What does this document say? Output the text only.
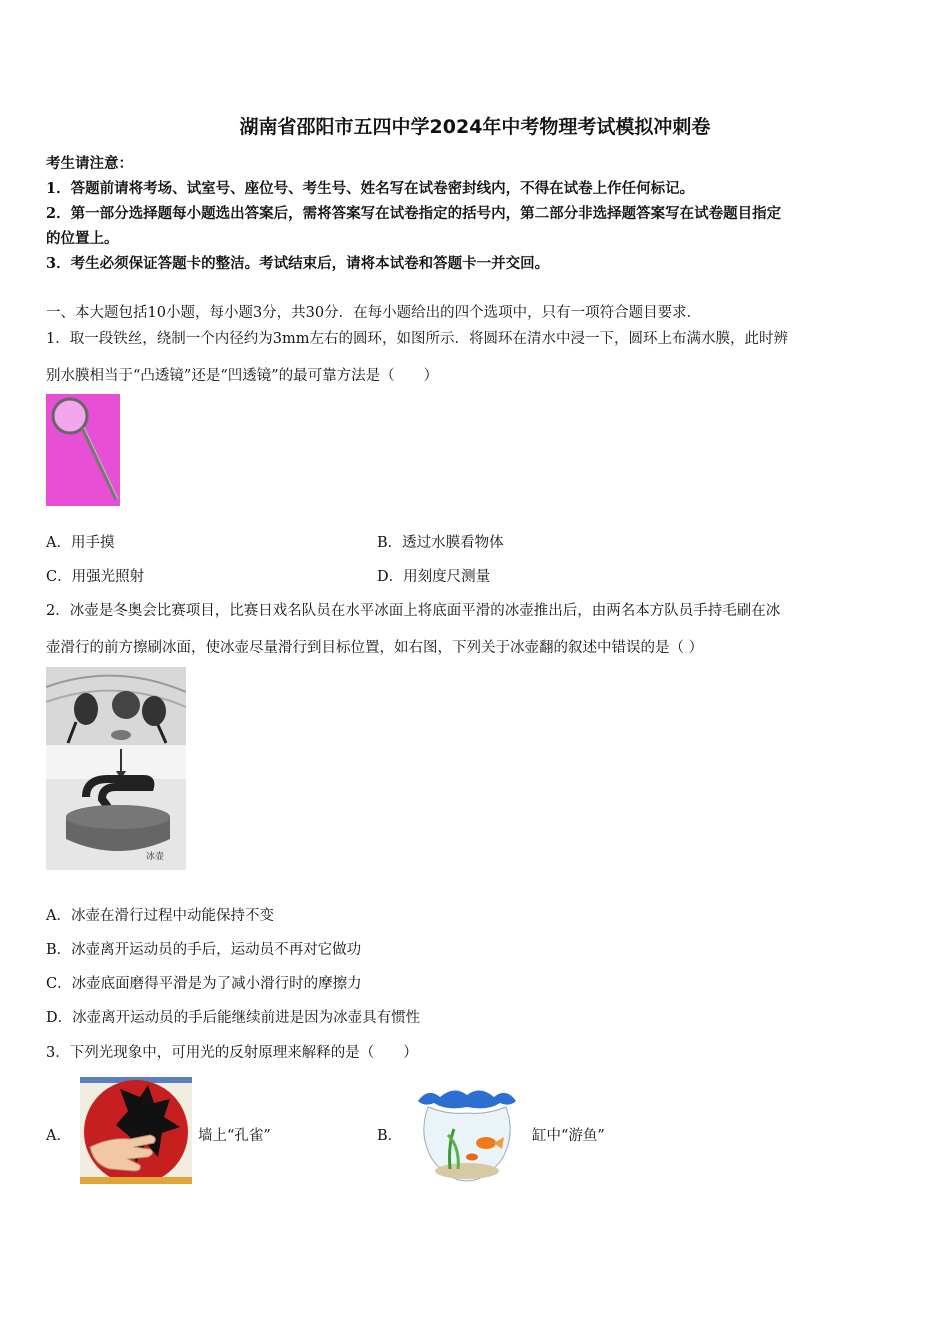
湖南省邵阳市五四中学2024年中考物理考试模拟冲刺卷
考生请注意：
1．答题前请将考场、试室号、座位号、考生号、姓名写在试卷密封线内，不得在试卷上作任何标记。
2．第一部分选择题每小题选出答案后，需将答案写在试卷指定的括号内，第二部分非选择题答案写在试卷题目指定
的位置上。
3．考生必须保证答题卡的整洁。考试结束后，请将本试卷和答题卡一并交回。
一、本大题包括10小题，每小题3分，共30分．在每小题给出的四个选项中，只有一项符合题目要求．
1．取一段铁丝，绕制一个内径约为3mm左右的圆环，如图所示．将圆环在清水中浸一下，圆环上布满水膜，此时辨
别水膜相当于“凸透镜”还是“凹透镜”的最可靠方法是（　　）
A．用手摸	B．透过水膜看物体
C．用强光照射	D．用刻度尺测量
2．冰壶是冬奥会比赛项目，比赛日戏名队员在水平冰面上将底面平滑的冰壶推出后，由两名本方队员手持毛刷在冰
壶滑行的前方擦刷冰面，使冰壶尽量滑行到目标位置，如右图，下列关于冰壶翻的叙述中错误的是（ ）
冰壶
A．冰壶在滑行过程中动能保持不变
B．冰壶离开运动员的手后，运动员不再对它做功
C．冰壶底面磨得平滑是为了减小滑行时的摩擦力
D．冰壶离开运动员的手后能继续前进是因为冰壶具有惯性
3．下列光现象中，可用光的反射原理来解释的是（　　）
A．	墙上“孔雀”	B．	缸中“游鱼”
